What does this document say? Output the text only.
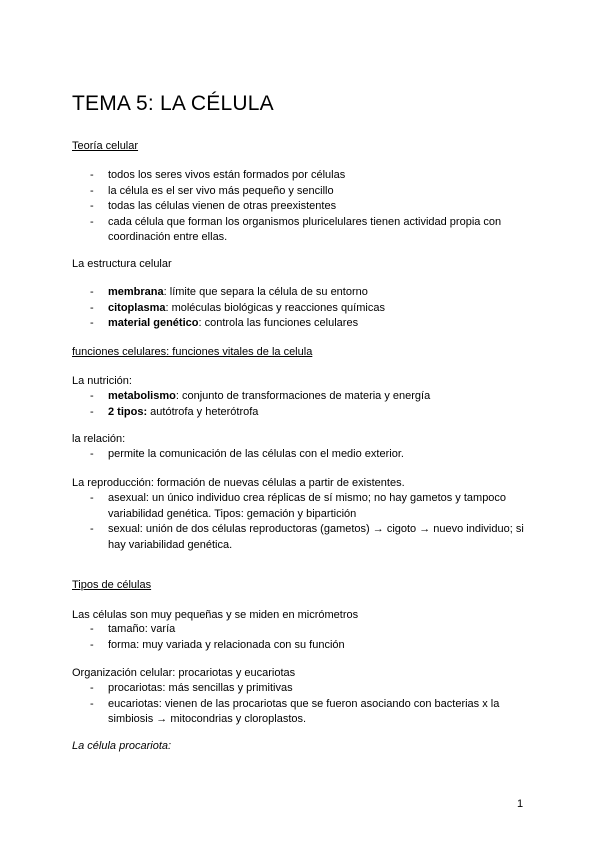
TEMA 5: LA CÉLULA
Teoría celular
- todos los seres vivos están formados por células
- la célula es el ser vivo más pequeño y sencillo
- todas las células vienen de otras preexistentes
- cada célula que forman los organismos pluricelulares tienen actividad propia con coordinación entre ellas.
La estructura celular
- membrana: límite que separa la célula de su entorno
- citoplasma: moléculas biológicas y reacciones químicas
- material genético: controla las funciones celulares
funciones celulares: funciones vitales de la celula
La nutrición:
- metabolismo: conjunto de transformaciones de materia y energía
- 2 tipos: autótrofa y heterótrofa
la relación:
- permite la comunicación de las células con el medio exterior.
La reproducción: formación de nuevas células a partir de existentes.
- asexual: un único individuo crea réplicas de sí mismo; no hay gametos y tampoco variabilidad genética. Tipos: gemación y bipartición
- sexual: unión de dos células reproductoras (gametos) → cigoto → nuevo individuo; si hay variabilidad genética.
Tipos de células
Las células son muy pequeñas y se miden en micrómetros
- tamaño: varía
- forma: muy variada y relacionada con su función
Organización celular: procariotas y eucariotas
- procariotas: más sencillas y primitivas
- eucariotas: vienen de las procariotas que se fueron asociando con bacterias x la simbiosis → mitocondrias y cloroplastos.
La célula procariota:
1
